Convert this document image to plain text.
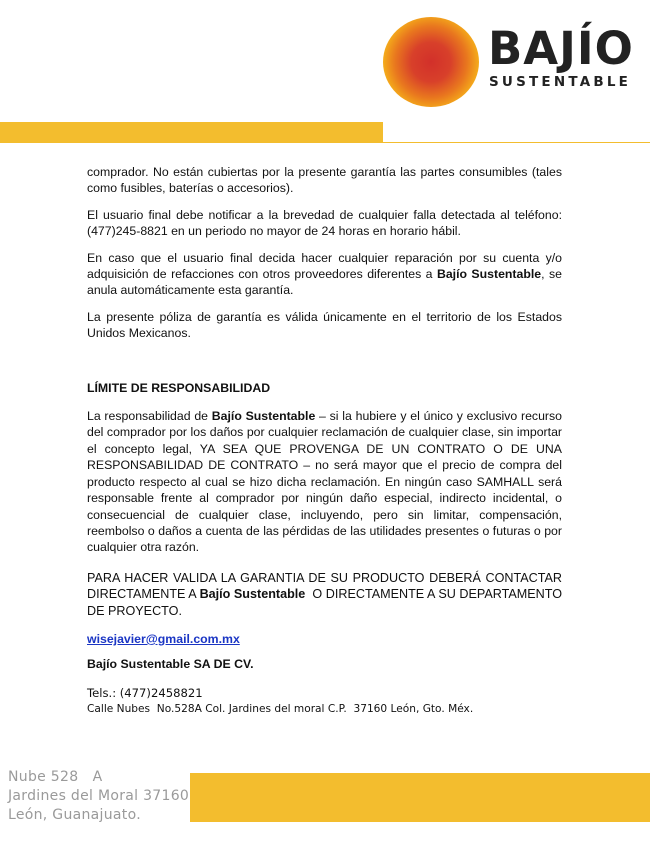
BAJÍO
SUSTENTABLE

comprador. No están cubiertas por la presente garantía las partes consumibles (tales como fusibles, baterías o accesorios).

El usuario final debe notificar a la brevedad de cualquier falla detectada al teléfono: (477)245-8821 en un periodo no mayor de 24 horas en horario hábil.

En caso que el usuario final decida hacer cualquier reparación por su cuenta y/o adquisición de refacciones con otros proveedores diferentes a Bajío Sustentable, se anula automáticamente esta garantía.

La presente póliza de garantía es válida únicamente en el territorio de los Estados Unidos Mexicanos.

LÍMITE DE RESPONSABILIDAD

La responsabilidad de Bajío Sustentable – si la hubiere y el único y exclusivo recurso del comprador por los daños por cualquier reclamación de cualquier clase, sin importar el concepto legal, YA SEA QUE PROVENGA DE UN CONTRATO O DE UNA RESPONSABILIDAD DE CONTRATO – no será mayor que el precio de compra del producto respecto al cual se hizo dicha reclamación. En ningún caso SAMHALL será responsable frente al comprador por ningún daño especial, indirecto incidental, o consecuencial de cualquier clase, incluyendo, pero sin limitar, compensación, reembolso o daños a cuenta de las pérdidas de las utilidades presentes o futuras o por cualquier otra razón.

PARA HACER VALIDA LA GARANTIA DE SU PRODUCTO DEBERÁ CONTACTAR DIRECTAMENTE A Bajío Sustentable  O DIRECTAMENTE A SU DEPARTAMENTO DE PROYECTO.

wisejavier@gmail.com.mx

Bajío Sustentable SA DE CV.

Tels.: (477)2458821

Calle Nubes  No.528A Col. Jardines del moral C.P.  37160 León, Gto. Méx.

Nube 528   A
Jardines del Moral 37160
León, Guanajuato.
